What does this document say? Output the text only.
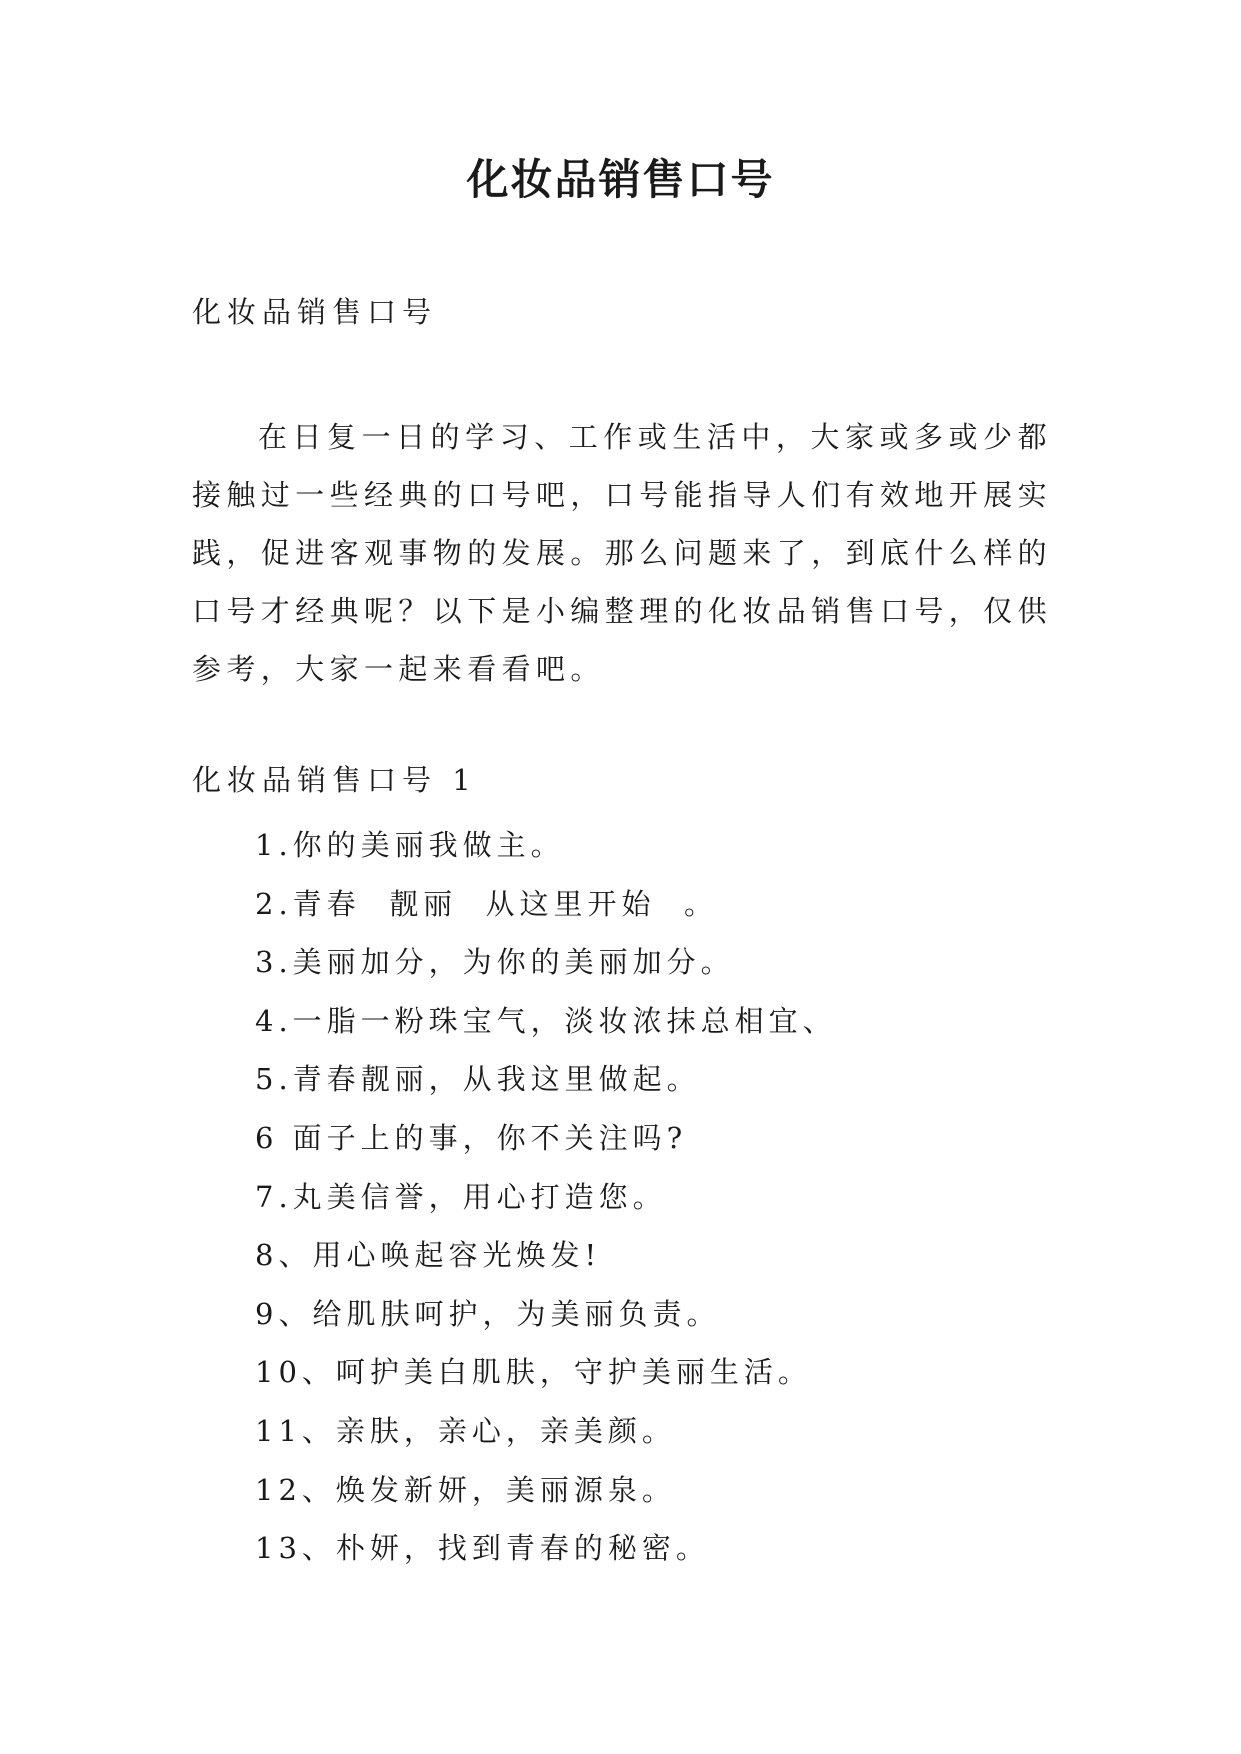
化妆品销售口号

化妆品销售口号

在日复一日的学习、工作或生活中，大家或多或少都接触过一些经典的口号吧，口号能指导人们有效地开展实践，促进客观事物的发展。那么问题来了，到底什么样的口号才经典呢？以下是小编整理的化妆品销售口号，仅供参考，大家一起来看看吧。

化妆品销售口号 1

1.你的美丽我做主。
2.青春  靓丽  从这里开始  。
3.美丽加分，为你的美丽加分。
4.一脂一粉珠宝气，淡妆浓抹总相宜、
5.青春靓丽，从我这里做起。
6 面子上的事，你不关注吗?
7.丸美信誉，用心打造您。
8、用心唤起容光焕发!
9、给肌肤呵护，为美丽负责。
10、呵护美白肌肤，守护美丽生活。
11、亲肤，亲心，亲美颜。
12、焕发新妍，美丽源泉。
13、朴妍，找到青春的秘密。
